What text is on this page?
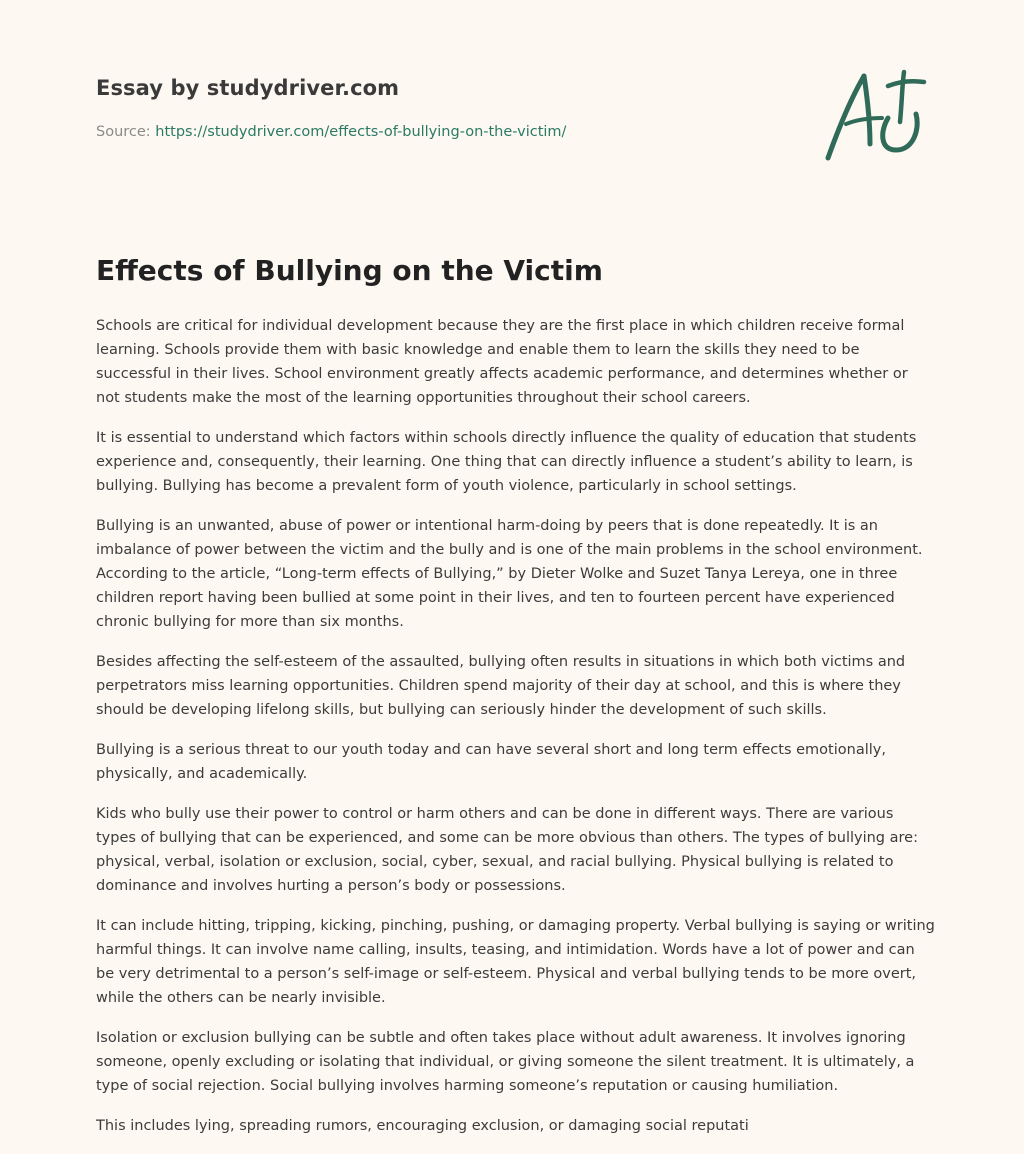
Essay by studydriver.com
Source: https://studydriver.com/effects-of-bullying-on-the-victim/
Effects of Bullying on the Victim

Schools are critical for individual development because they are the first place in which children receive formal learning. Schools provide them with basic knowledge and enable them to learn the skills they need to be successful in their lives. School environment greatly affects academic performance, and determines whether or not students make the most of the learning opportunities throughout their school careers.

It is essential to understand which factors within schools directly influence the quality of education that students experience and, consequently, their learning. One thing that can directly influence a student’s ability to learn, is bullying. Bullying has become a prevalent form of youth violence, particularly in school settings.

Bullying is an unwanted, abuse of power or intentional harm-doing by peers that is done repeatedly. It is an imbalance of power between the victim and the bully and is one of the main problems in the school environment. According to the article, “Long-term effects of Bullying,” by Dieter Wolke and Suzet Tanya Lereya, one in three children report having been bullied at some point in their lives, and ten to fourteen percent have experienced chronic bullying for more than six months.

Besides affecting the self-esteem of the assaulted, bullying often results in situations in which both victims and perpetrators miss learning opportunities. Children spend majority of their day at school, and this is where they should be developing lifelong skills, but bullying can seriously hinder the development of such skills.

Bullying is a serious threat to our youth today and can have several short and long term effects emotionally, physically, and academically.

Kids who bully use their power to control or harm others and can be done in different ways. There are various types of bullying that can be experienced, and some can be more obvious than others. The types of bullying are: physical, verbal, isolation or exclusion, social, cyber, sexual, and racial bullying. Physical bullying is related to dominance and involves hurting a person’s body or possessions.

It can include hitting, tripping, kicking, pinching, pushing, or damaging property. Verbal bullying is saying or writing harmful things. It can involve name calling, insults, teasing, and intimidation. Words have a lot of power and can be very detrimental to a person’s self-image or self-esteem. Physical and verbal bullying tends to be more overt, while the others can be nearly invisible.

Isolation or exclusion bullying can be subtle and often takes place without adult awareness. It involves ignoring someone, openly excluding or isolating that individual, or giving someone the silent treatment. It is ultimately, a type of social rejection. Social bullying involves harming someone’s reputation or causing humiliation.

This includes lying, spreading rumors, encouraging exclusion, or damaging social reputati
